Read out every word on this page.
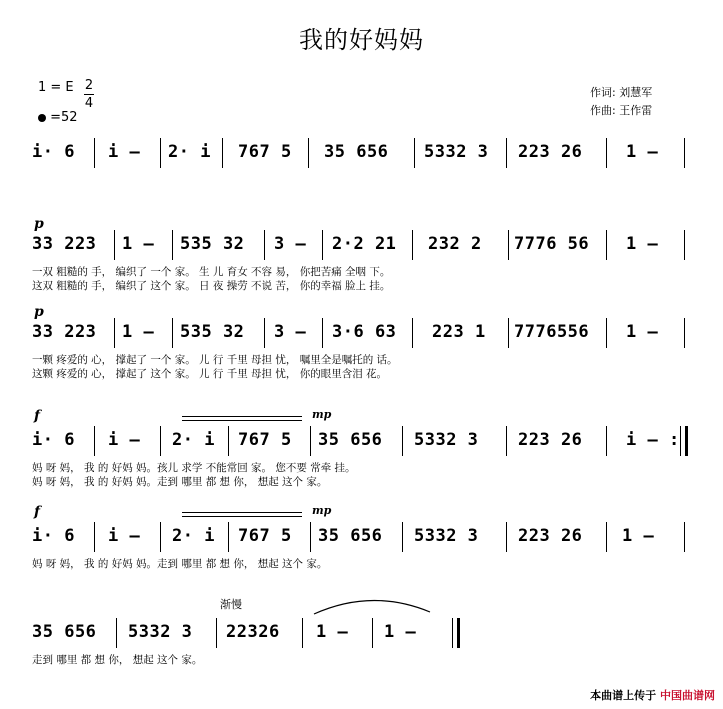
我的好妈妈
1 = E 2
4
=52
作词: 刘慧军
作曲: 王作雷
i· 6 i – 2· i 767 5 35 656 5332 3 223 26	1 –
p
33 223 1 – 535 32 3 – 2·2 21 232 2 7776 56 1 –
一双 粗糙的 手， 编织了 一个 家。 生 儿 育女 不容 易， 你把苦痛 全咽 下。
这双 粗糙的 手， 编织了 这个 家。 日 夜 操劳 不说 苦， 你的幸福 脸上 挂。
p
33 223 1 – 535 32 3 – 3·6 63 223 1 7776556 1 –
一颗 疼爱的 心， 撑起了 一个 家。 儿 行 千里 母担 忧， 嘱里全是嘱托的 话。
这颗 疼爱的 心， 撑起了 这个 家。 儿 行 千里 母担 忧， 你的眼里含泪 花。
f	mp
i· 6 i – 2· i 767 5 35 656 5332 3 223 26	i – :
妈 呀 妈， 我 的 好妈 妈。孩儿 求学 不能常回 家。 您不要 常牵 挂。
妈 呀 妈， 我 的 好妈 妈。走到 哪里 都 想 你， 想起 这个 家。
f	mp
i· 6 i – 2· i 767 5 35 656 5332 3 223 26 1 –
妈 呀 妈， 我 的 好妈 妈。走到 哪里 都 想 你， 想起 这个 家。
渐慢
35 656 5332 3 22326 1 – 1 –
走到 哪里 都 想 你， 想起 这个 家。
本曲谱上传于 中国曲谱网
